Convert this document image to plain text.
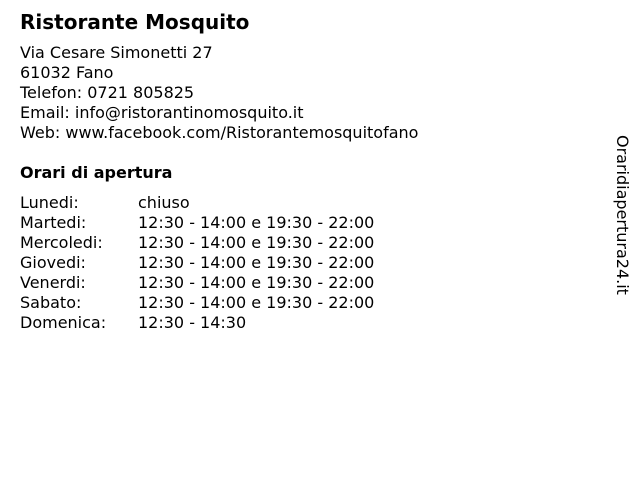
Ristorante Mosquito
Via Cesare Simonetti 27
61032 Fano
Telefon: 0721 805825
Email: info@ristorantinomosquito.it
Web: www.facebook.com/Ristorantemosquitofano
Orari di apertura
Lunedi:	chiuso
Martedi:	12:30 - 14:00 e 19:30 - 22:00
Mercoledi:	12:30 - 14:00 e 19:30 - 22:00
Giovedi:	12:30 - 14:00 e 19:30 - 22:00
Venerdi:	12:30 - 14:00 e 19:30 - 22:00
Sabato:	12:30 - 14:00 e 19:30 - 22:00
Domenica:	12:30 - 14:30
Oraridiapertura24.it
